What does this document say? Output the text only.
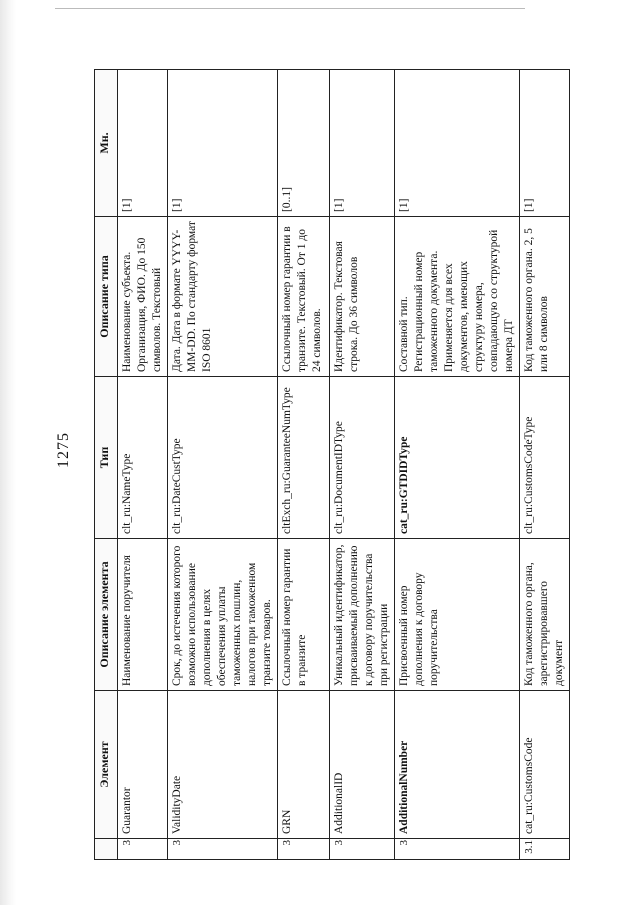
1275
	Элемент	Описание элемента	Тип	Описание типа	Мн.
3	Guarantor	Наименование поручителя	clt_ru:NameType	Наименование субъекта. Организация, ФИО. До 150 символов. Текстовый	[1]
3	ValidityDate	Срок, до истечения которого возможно использование дополнения в целях обеспечения уплаты таможенных пошлин, налогов при таможенном транзите товаров.	clt_ru:DateCustType	Дата. Дата в формате YYYY-MM-DD. По стандарту формат ISO 8601	[1]
3	GRN	Ссылочный номер гарантии в транзите	cltExch_ru:GuaranteeNumType	Ссылочный номер гарантии в транзите. Текстовый. От 1 до 24 символов.	[0..1]
3	AdditionalID	Уникальный идентификатор, присваиваемый дополнению к договору поручительства при регистрации	clt_ru:DocumentIDType	Идентификатор. Текстовая строка. До 36 символов	[1]
3	AdditionalNumber	Присвоенный номер дополнения к договору поручительства	cat_ru:GTDIDType	Составной тип. Регистрационный номер таможенного документа. Применяется для всех документов, имеющих структуру номера, совпадающую со структурой номера ДТ	[1]
3.1	cat_ru:CustomsCode	Код таможенного органа, зарегистрировавшего документ	clt_ru:CustomsCodeType	Код таможенного органа. 2, 5 или 8 символов	[1]
